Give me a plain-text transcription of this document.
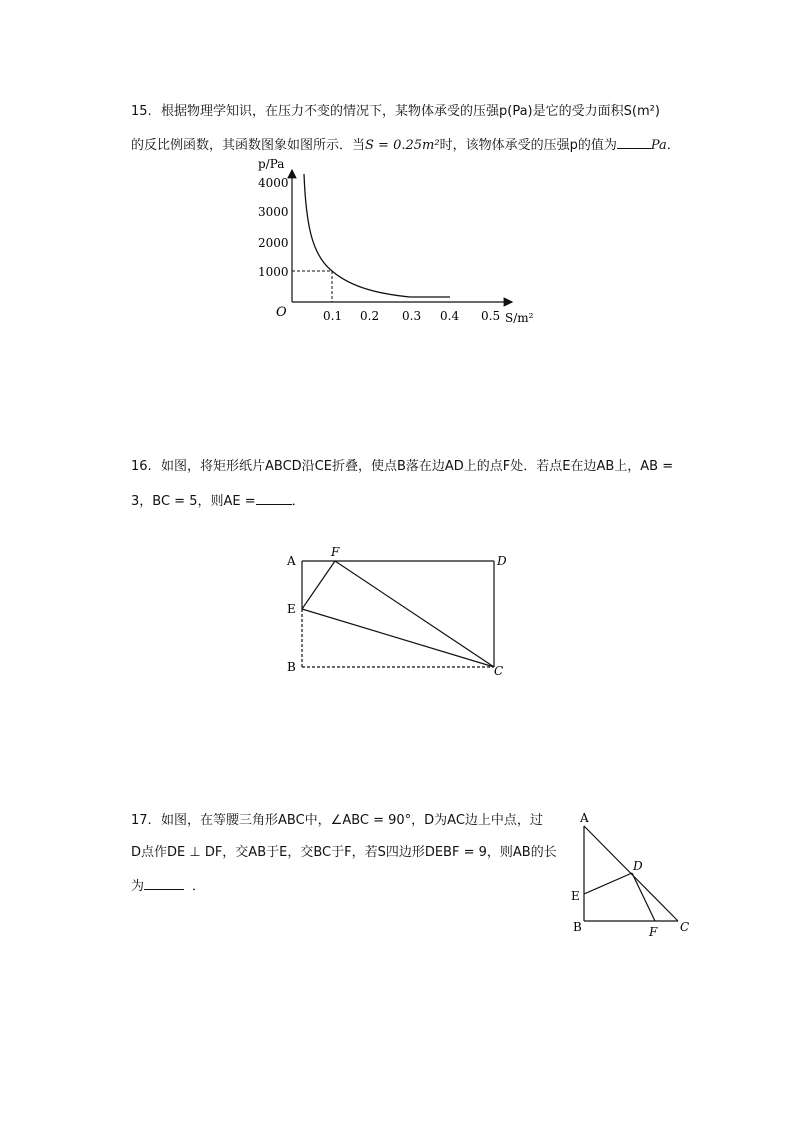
15. 根据物理学知识，在压力不变的情况下，某物体承受的压强p(Pa)是它的受力面积S(m²)
的反比例函数，其函数图象如图所示．当S = 0.25m²时，该物体承受的压强p的值为	Pa．
p/Pa
S/m²
O
4000
3000
2000
1000
0.1 0.2 0.3 0.4 0.5
16. 如图，将矩形纸片ABCD沿CE折叠，使点B落在边AD上的点F处．若点E在边AB上，AB =
3，BC = 5，则AE =	．
A
F
D
E
B	C
17. 如图，在等腰三角形ABC中，∠ABC = 90°，D为AC边上中点，过
D点作DE ⊥ DF，交AB于E，交BC于F，若S四边形DEBF = 9，则AB的长
为	．
A
D
E
B	F C
